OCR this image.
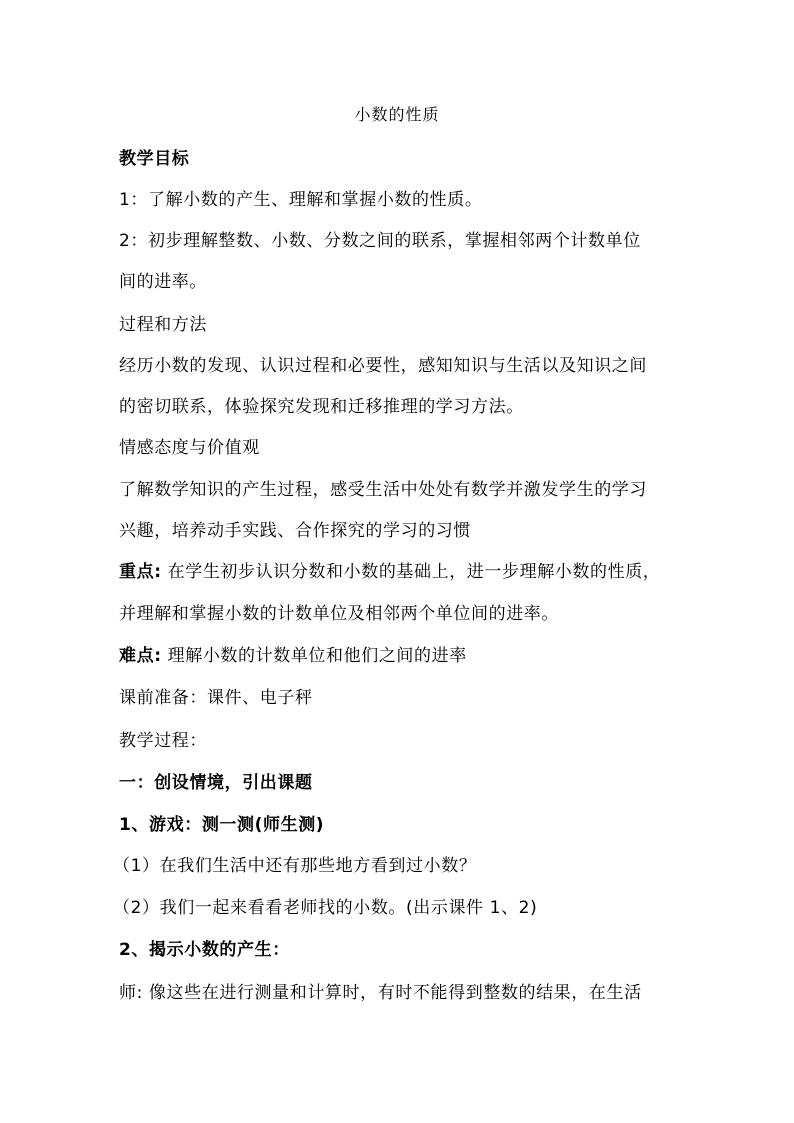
小数的性质
教学目标
1：了解小数的产生、理解和掌握小数的性质。
2：初步理解整数、小数、分数之间的联系，掌握相邻两个计数单位
间的进率。
过程和方法
经历小数的发现、认识过程和必要性，感知知识与生活以及知识之间
的密切联系，体验探究发现和迁移推理的学习方法。
情感态度与价值观
了解数学知识的产生过程，感受生活中处处有数学并激发学生的学习
兴趣，培养动手实践、合作探究的学习的习惯
重点: 在学生初步认识分数和小数的基础上，进一步理解小数的性质，
并理解和掌握小数的计数单位及相邻两个单位间的进率。
难点: 理解小数的计数单位和他们之间的进率
课前准备：课件、电子秤
教学过程：
一：创设情境，引出课题
1、游戏：测一测(师生测)
（1）在我们生活中还有那些地方看到过小数？
（2）我们一起来看看老师找的小数。(出示课件 1、2)
2、揭示小数的产生：
师: 像这些在进行测量和计算时，有时不能得到整数的结果，在生活
